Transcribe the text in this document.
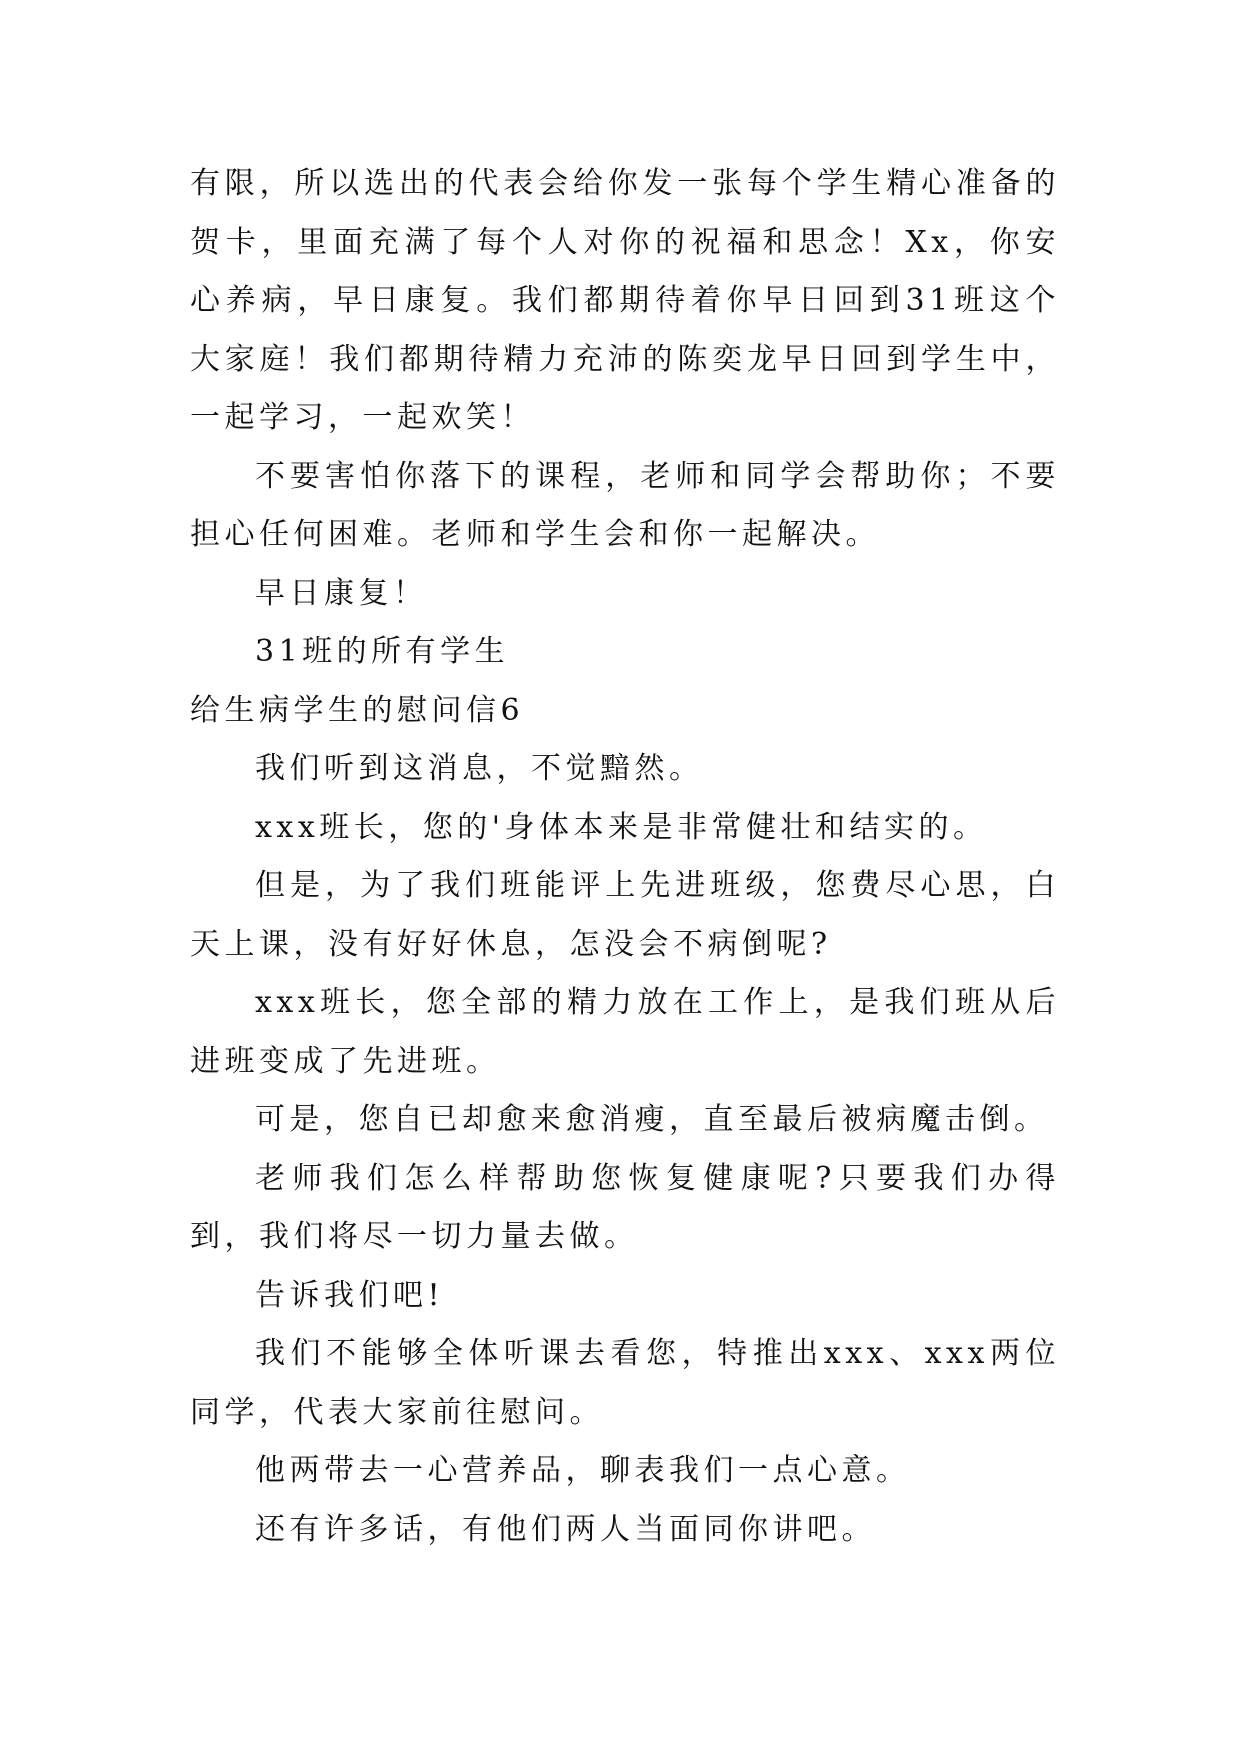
有限，所以选出的代表会给你发一张每个学生精心准备的贺卡，里面充满了每个人对你的祝福和思念！Xx，你安心养病，早日康复。我们都期待着你早日回到31班这个大家庭！我们都期待精力充沛的陈奕龙早日回到学生中，一起学习，一起欢笑！

不要害怕你落下的课程，老师和同学会帮助你；不要担心任何困难。老师和学生会和你一起解决。

早日康复！

31班的所有学生

给生病学生的慰问信6

我们听到这消息，不觉黯然。

xxx班长，您的'身体本来是非常健壮和结实的。

但是，为了我们班能评上先进班级，您费尽心思，白天上课，没有好好休息，怎没会不病倒呢?

xxx班长，您全部的精力放在工作上，是我们班从后进班变成了先进班。

可是，您自已却愈来愈消瘦，直至最后被病魔击倒。

老师我们怎么样帮助您恢复健康呢?只要我们办得到，我们将尽一切力量去做。

告诉我们吧!

我们不能够全体听课去看您，特推出xxx、xxx两位同学，代表大家前往慰问。

他两带去一心营养品，聊表我们一点心意。

还有许多话，有他们两人当面同你讲吧。
